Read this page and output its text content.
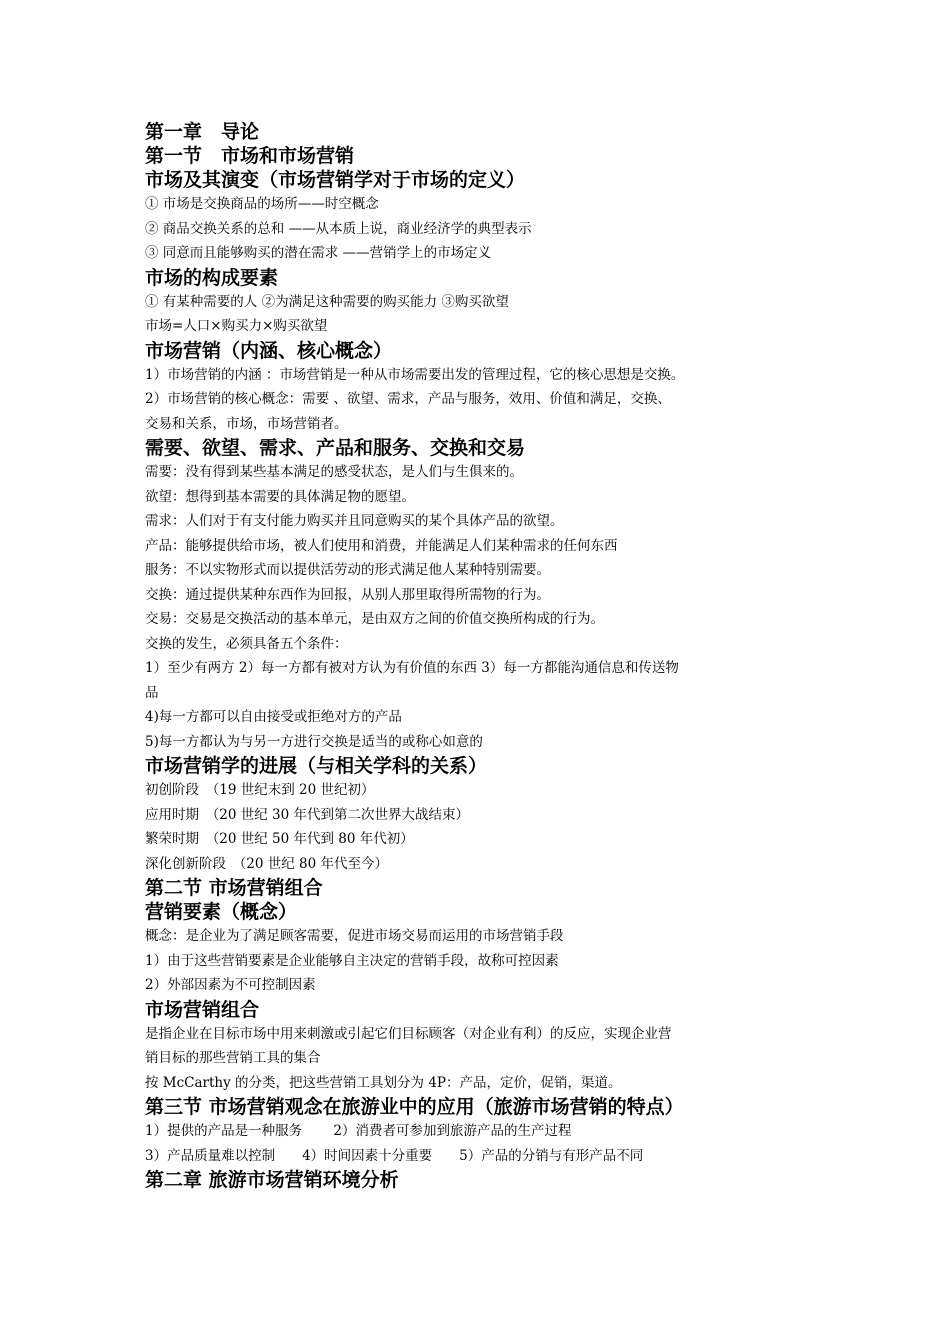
第一章　导论
第一节　市场和市场营销
市场及其演变（市场营销学对于市场的定义）
① 市场是交换商品的场所——时空概念
② 商品交换关系的总和 ——从本质上说，商业经济学的典型表示
③ 同意而且能够购买的潜在需求 ——营销学上的市场定义
市场的构成要素
① 有某种需要的人 ②为满足这种需要的购买能力 ③购买欲望
市场=人口×购买力×购买欲望
市场营销（内涵、核心概念）
1）市场营销的内涵 ：市场营销是一种从市场需要出发的管理过程，它的核心思想是交换。
2）市场营销的核心概念：需要 、欲望、需求，产品与服务，效用、价值和满足，交换、
交易和关系，市场，市场营销者。
需要、欲望、需求、产品和服务、交换和交易
需要：没有得到某些基本满足的感受状态，是人们与生俱来的。
欲望：想得到基本需要的具体满足物的愿望。
需求：人们对于有支付能力购买并且同意购买的某个具体产品的欲望。
产品：能够提供给市场，被人们使用和消费，并能满足人们某种需求的任何东西
服务：不以实物形式而以提供活劳动的形式满足他人某种特别需要。
交换：通过提供某种东西作为回报，从别人那里取得所需物的行为。
交易：交易是交换活动的基本单元，是由双方之间的价值交换所构成的行为。
交换的发生，必须具备五个条件：
1）至少有两方 2）每一方都有被对方认为有价值的东西 3）每一方都能沟通信息和传送物
品
4)每一方都可以自由接受或拒绝对方的产品
5)每一方都认为与另一方进行交换是适当的或称心如意的
市场营销学的进展（与相关学科的关系）
初创阶段　（19 世纪末到 20 世纪初）
应用时期　（20 世纪 30 年代到第二次世界大战结束）
繁荣时期　（20 世纪 50 年代到 80 年代初）
深化创新阶段　（20 世纪 80 年代至今）
第二节 市场营销组合
营销要素（概念）
概念：是企业为了满足顾客需要，促进市场交易而运用的市场营销手段
1）由于这些营销要素是企业能够自主决定的营销手段，故称可控因素
2）外部因素为不可控制因素
市场营销组合
是指企业在目标市场中用来刺激或引起它们目标顾客（对企业有利）的反应，实现企业营
销目标的那些营销工具的集合
按 McCarthy 的分类，把这些营销工具划分为 4P：产品，定价，促销，渠道。
第三节 市场营销观念在旅游业中的应用（旅游市场营销的特点）
1）提供的产品是一种服务　　 2）消费者可参加到旅游产品的生产过程
3）产品质量难以控制　　4）时间因素十分重要　　5）产品的分销与有形产品不同
第二章 旅游市场营销环境分析
